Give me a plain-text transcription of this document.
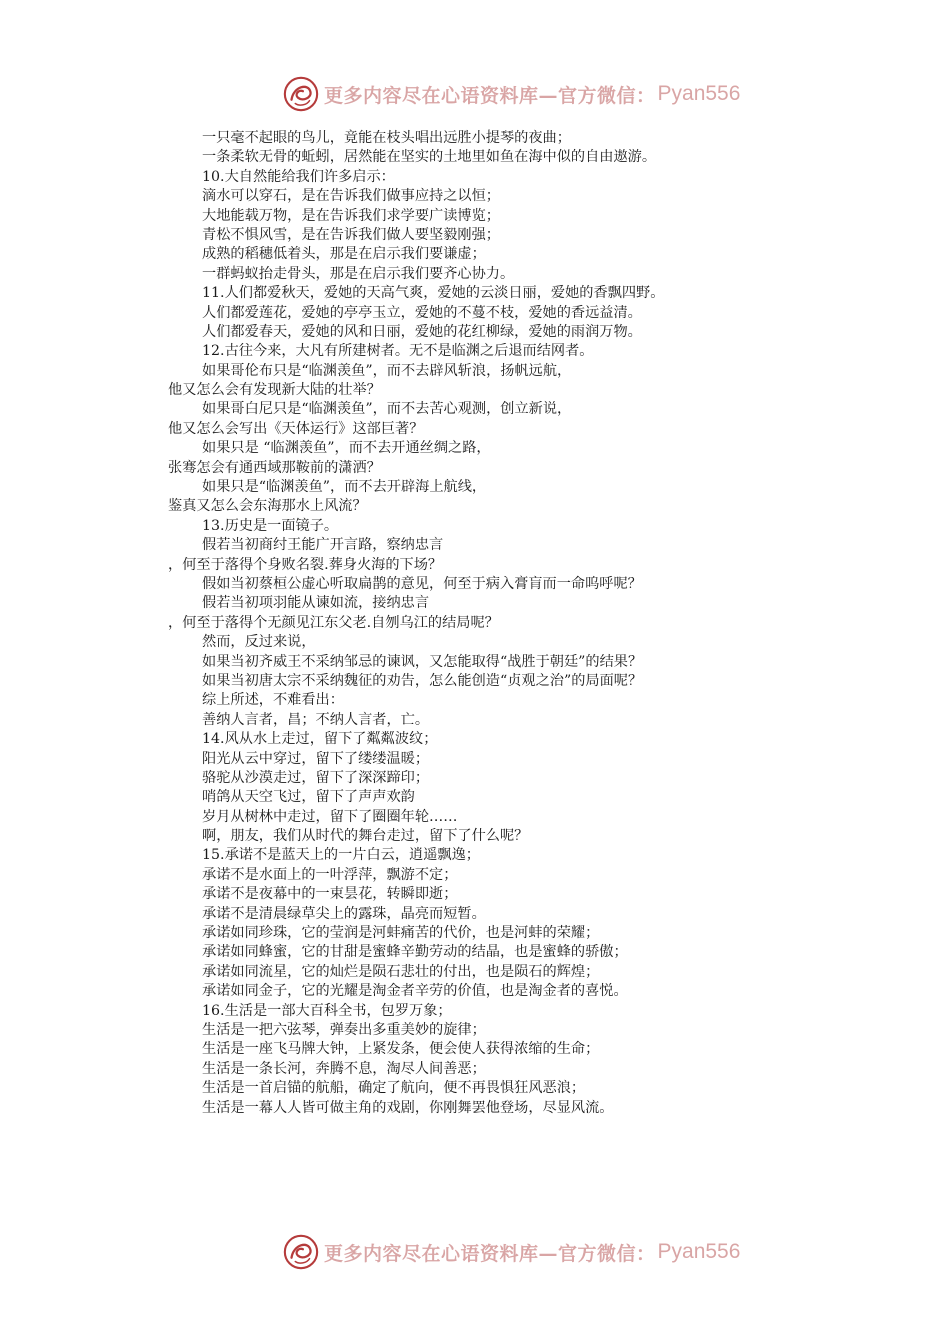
更多内容尽在心语资料库—官方微信： Pyan556
一只毫不起眼的鸟儿，竟能在枝头唱出远胜小提琴的夜曲；
一条柔软无骨的蚯蚓，居然能在坚实的土地里如鱼在海中似的自由遨游。
10.大自然能给我们许多启示：
滴水可以穿石，是在告诉我们做事应持之以恒；
大地能载万物，是在告诉我们求学要广读博览；
青松不惧风雪，是在告诉我们做人要坚毅刚强；
成熟的稻穗低着头，那是在启示我们要谦虚；
一群蚂蚁抬走骨头，那是在启示我们要齐心协力。
11.人们都爱秋天，爱她的天高气爽，爱她的云淡日丽，爱她的香飘四野。
人们都爱莲花，爱她的亭亭玉立，爱她的不蔓不枝，爱她的香远益清。
人们都爱春天，爱她的风和日丽，爱她的花红柳绿，爱她的雨润万物。
12.古往今来，大凡有所建树者。无不是临渊之后退而结网者。
如果哥伦布只是“临渊羡鱼”，而不去辟风斩浪，扬帆远航，
他又怎么会有发现新大陆的壮举？
如果哥白尼只是“临渊羡鱼”，而不去苦心观测，创立新说，
他又怎么会写出《天体运行》这部巨著？
如果只是 “临渊羡鱼”，而不去开通丝绸之路，
张骞怎会有通西域那鞍前的潇洒？
如果只是“临渊羡鱼”，而不去开辟海上航线，
鉴真又怎么会东海那水上风流？
13.历史是一面镜子。
假若当初商纣王能广开言路，察纳忠言
，何至于落得个身败名裂.葬身火海的下场？
假如当初蔡桓公虚心听取扁鹊的意见，何至于病入膏肓而一命呜呼呢？
假若当初项羽能从谏如流，接纳忠言
，何至于落得个无颜见江东父老.自刎乌江的结局呢？
然而，反过来说，
如果当初齐威王不采纳邹忌的谏讽，又怎能取得“战胜于朝廷”的结果？
如果当初唐太宗不采纳魏征的劝告，怎么能创造“贞观之治”的局面呢？
综上所述，不难看出：
善纳人言者，昌；不纳人言者，亡。
14.风从水上走过，留下了粼粼波纹；
阳光从云中穿过，留下了缕缕温暖；
骆驼从沙漠走过，留下了深深蹄印；
哨鸽从天空飞过，留下了声声欢韵
岁月从树林中走过，留下了圈圈年轮……
啊，朋友，我们从时代的舞台走过，留下了什么呢？
15.承诺不是蓝天上的一片白云，逍遥飘逸；
承诺不是水面上的一叶浮萍，飘游不定；
承诺不是夜幕中的一束昙花，转瞬即逝；
承诺不是清晨绿草尖上的露珠，晶亮而短暂。
承诺如同珍珠，它的莹润是河蚌痛苦的代价，也是河蚌的荣耀；
承诺如同蜂蜜，它的甘甜是蜜蜂辛勤劳动的结晶，也是蜜蜂的骄傲；
承诺如同流星，它的灿烂是陨石悲壮的付出，也是陨石的辉煌；
承诺如同金子，它的光耀是淘金者辛劳的价值，也是淘金者的喜悦。
16.生活是一部大百科全书，包罗万象；
生活是一把六弦琴，弹奏出多重美妙的旋律；
生活是一座飞马牌大钟，上紧发条，便会使人获得浓缩的生命；
生活是一条长河，奔腾不息，淘尽人间善恶；
生活是一首启锚的航船，确定了航向，便不再畏惧狂风恶浪；
生活是一幕人人皆可做主角的戏剧，你刚舞罢他登场，尽显风流。
更多内容尽在心语资料库—官方微信： Pyan556
